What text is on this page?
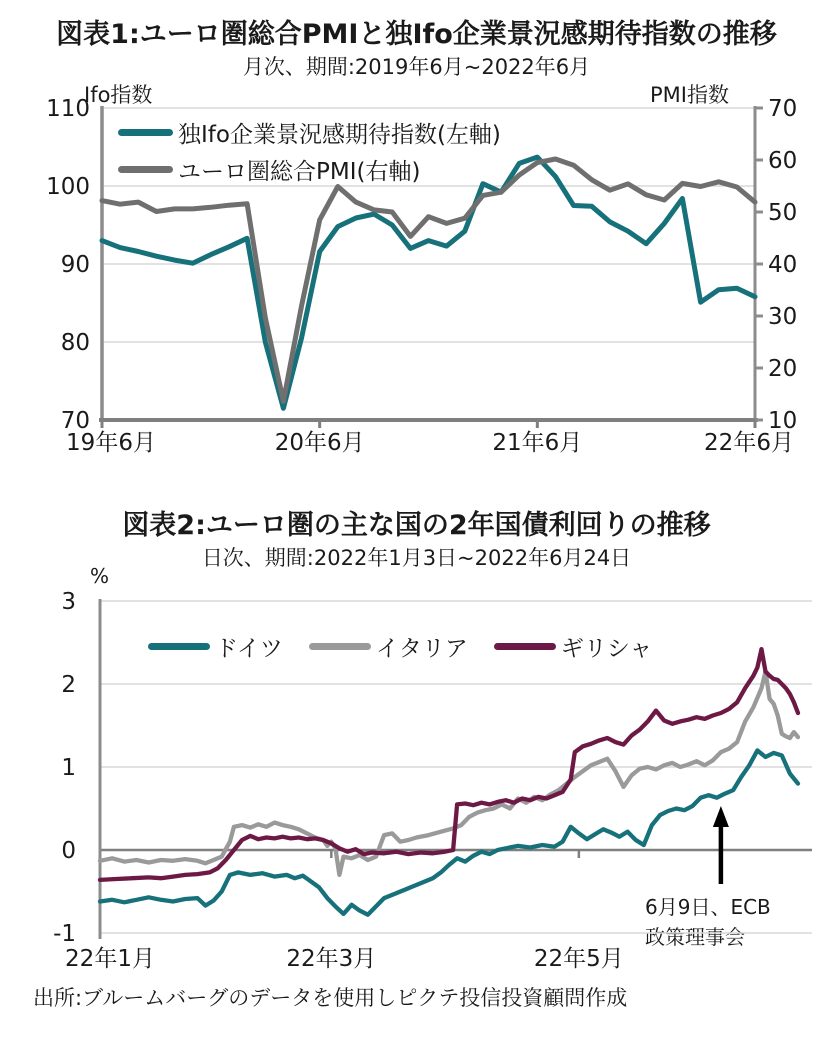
図表1:ユーロ圏総合PMIと独Ifo企業景況感期待指数の推移
月次、期間:2019年6月~2022年6月
Ifo指数	PMI指数
独Ifo企業景況感期待指数(左軸)
ユーロ圏総合PMI(右軸)
図表2:ユーロ圏の主な国の2年国債利回りの推移
日次、期間:2022年1月3日~2022年6月24日
%
ドイツ	イタリア	ギリシャ
6月9日、ECB
政策理事会
出所:ブルームバーグのデータを使用しピクテ投信投資顧問作成
110
100
90
80
70
70
60
50
40
30
20
10
19年6月	20年6月	21年6月	22年6月
3
2
1
0
-1
22年1月	22年3月	22年5月
